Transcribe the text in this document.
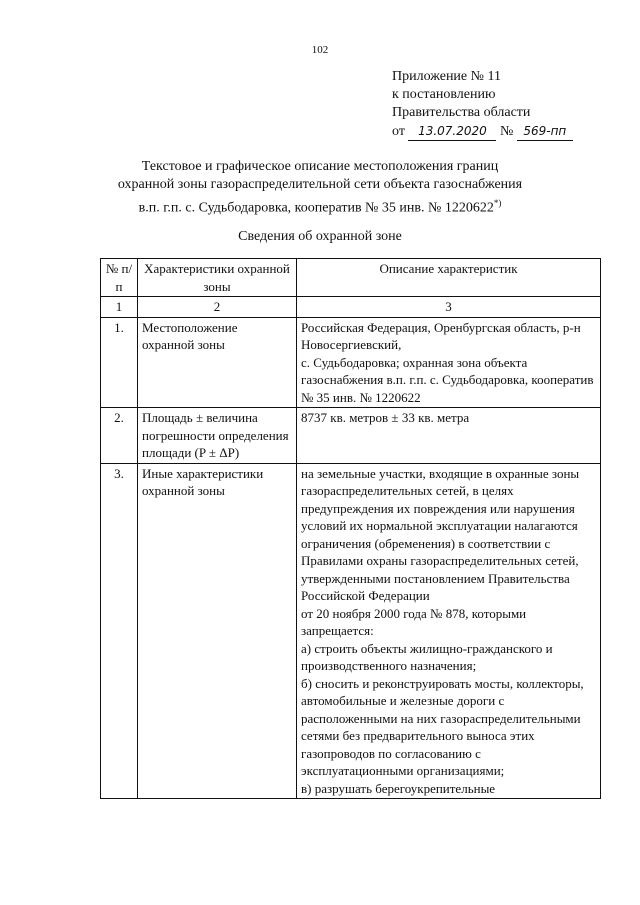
102
Приложение № 11
к постановлению
Правительства области
от 13.07.2020 № 569-пп
Текстовое и графическое описание местоположения границ
охранной зоны газораспределительной сети объекта газоснабжения
в.п. г.п. с. Судьбодаровка, кооператив № 35 инв. № 1220622*)
Сведения об охранной зоне
№ п/п	Характеристики охранной зоны	Описание характеристик
1	2	3
1.	Местоположение охранной зоны	Российская Федерация, Оренбургская область, р-н Новосергиевский,
с. Судьбодаровка; охранная зона объекта газоснабжения в.п. г.п. с. Судьбодаровка, кооператив № 35 инв. № 1220622
2.	Площадь ± величина погрешности определения площади (P ± ΔP)	8737 кв. метров ± 33 кв. метра
3.	Иные характеристики охранной зоны	на земельные участки, входящие в охранные зоны газораспределительных сетей, в целях предупреждения их повреждения или нарушения условий их нормальной эксплуатации налагаются ограничения (обременения) в соответствии с Правилами охраны газораспределительных сетей, утвержденными постановлением Правительства Российской Федерации
от 20 ноября 2000 года № 878, которыми запрещается:
а) строить объекты жилищно-гражданского и производственного назначения;
б) сносить и реконструировать мосты, коллекторы, автомобильные и железные дороги с расположенными на них газораспределительными сетями без предварительного выноса этих газопроводов по согласованию с эксплуатационными организациями;
в) разрушать берегоукрепительные
